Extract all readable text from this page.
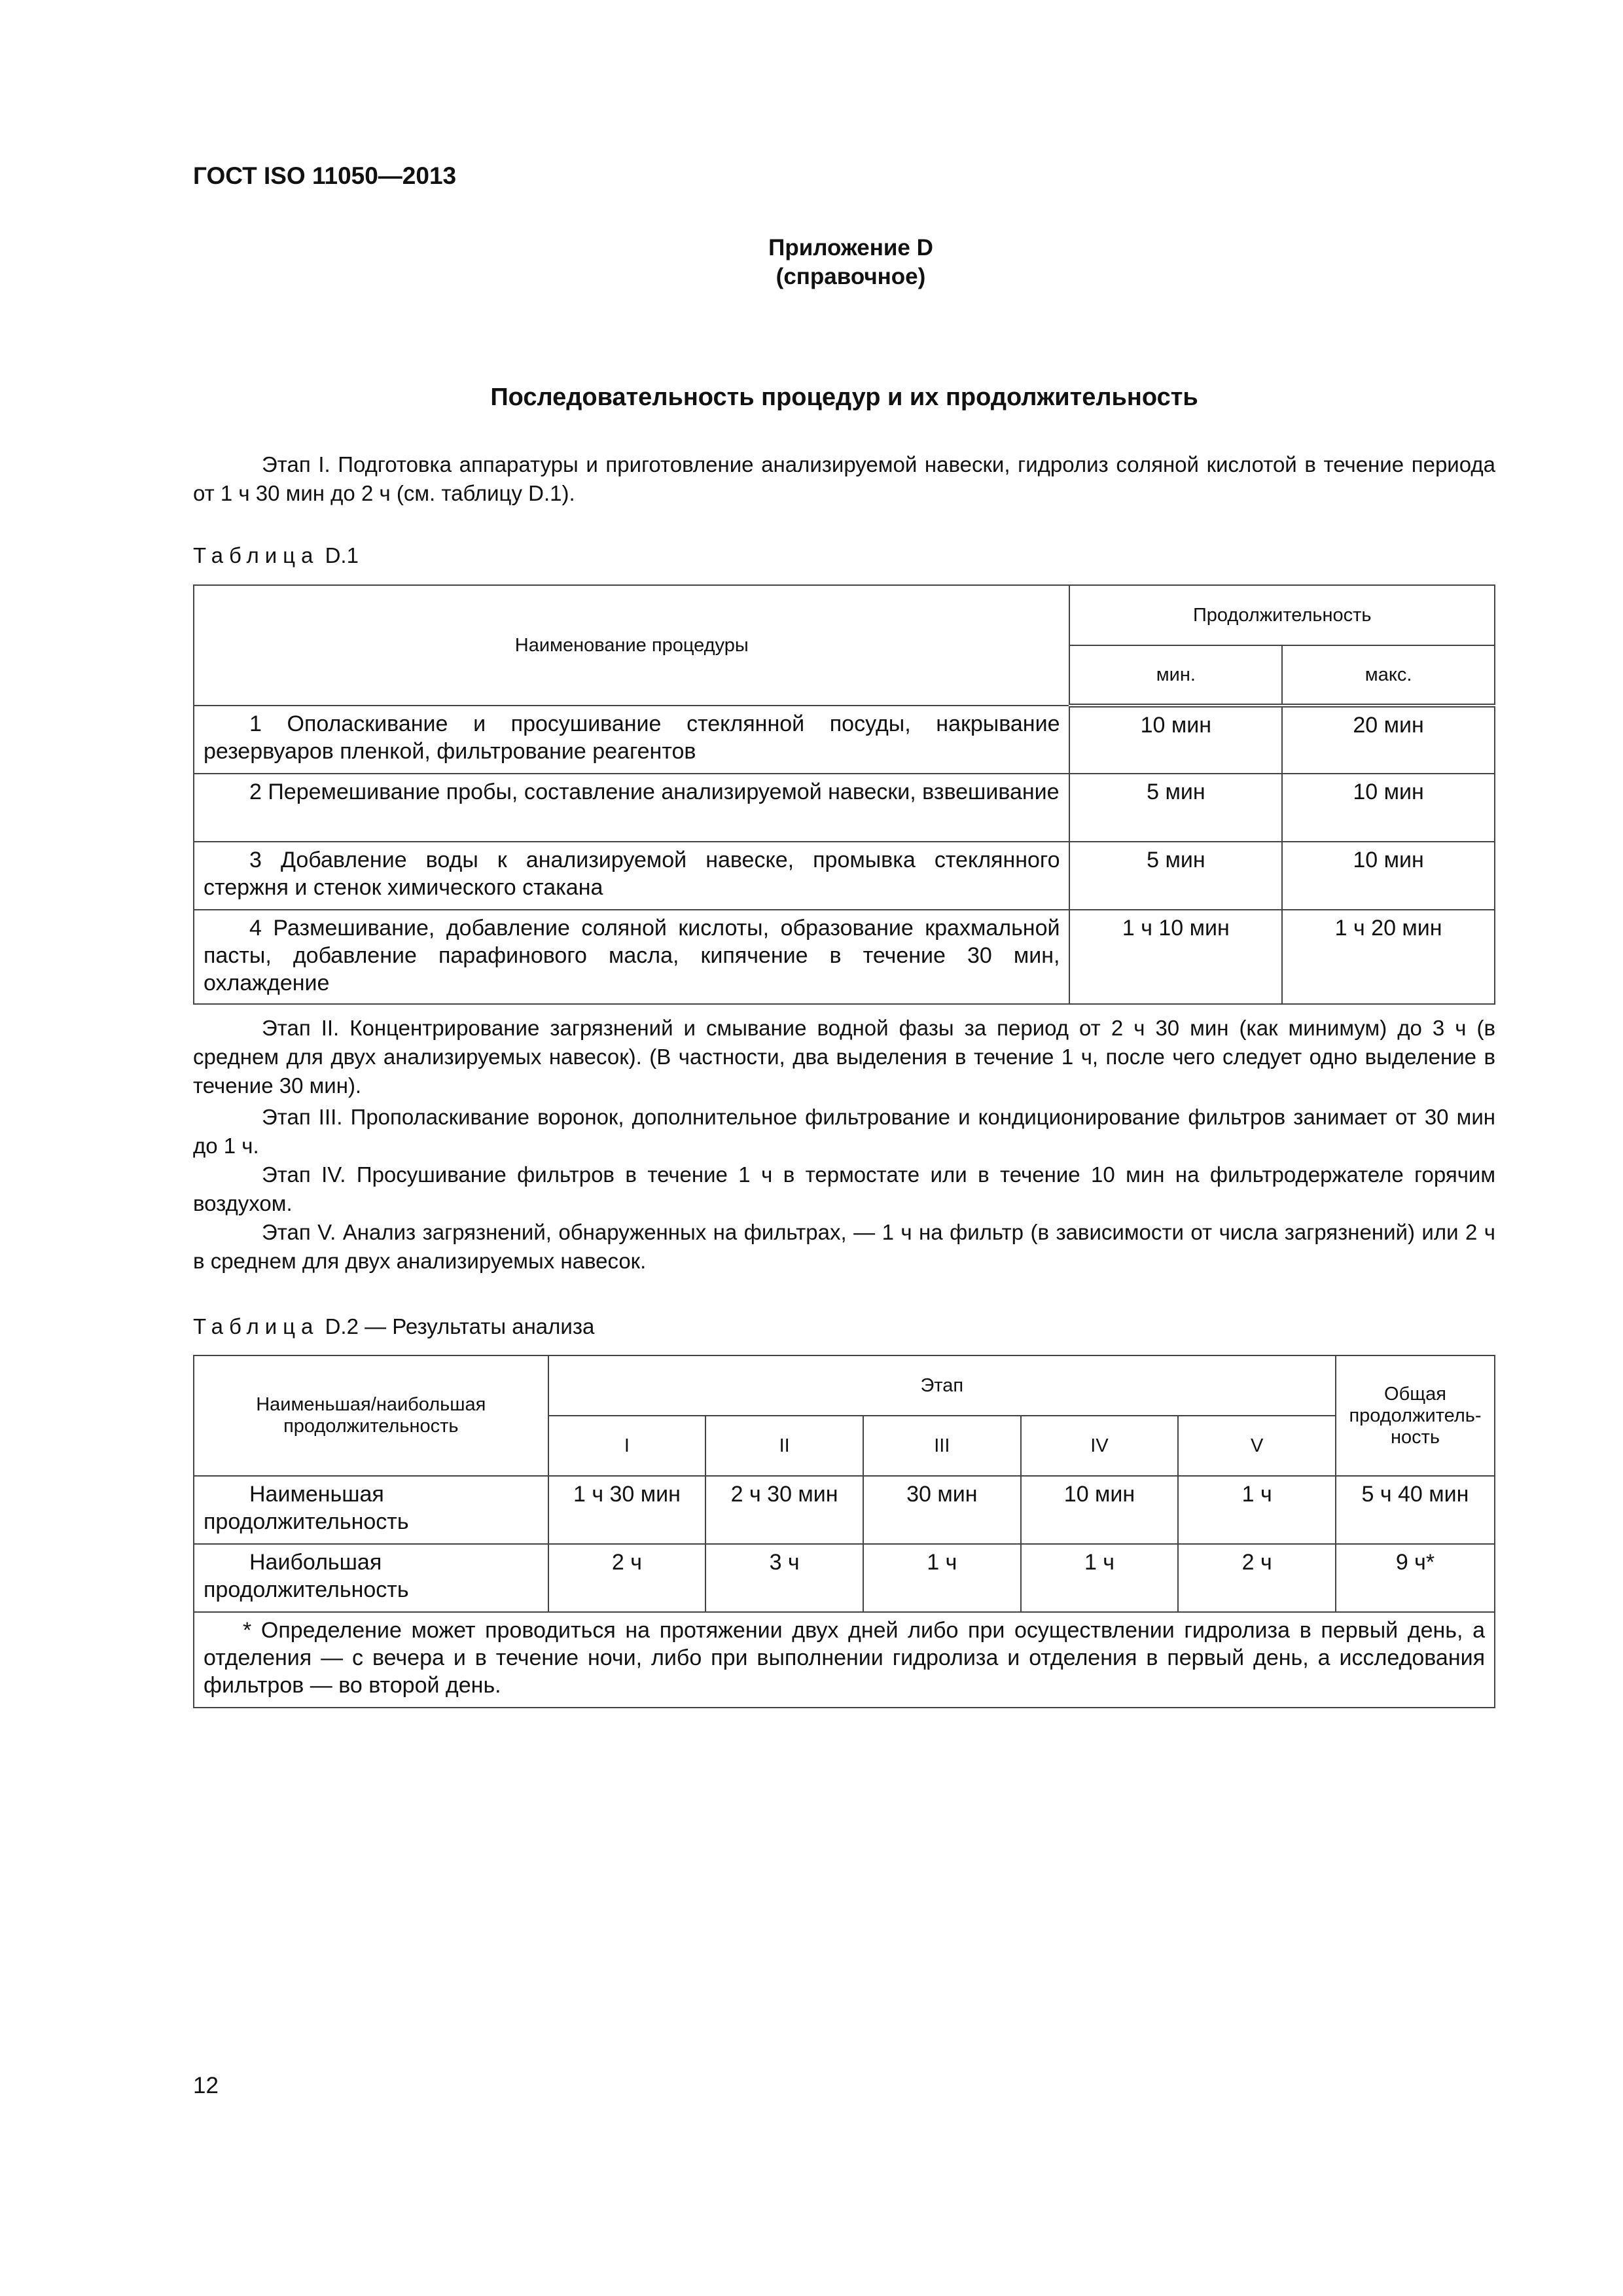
ГОСТ ISO 11050—2013
Приложение D
(справочное)
Последовательность процедур и их продолжительность

Этап I. Подготовка аппаратуры и приготовление анализируемой навески, гидролиз соляной кислотой в течение периода от 1 ч 30 мин до 2 ч (см. таблицу D.1).

Таблица D.1
Наименование процедуры	Продолжительность	
	мин.	макс.
1 Ополаскивание и просушивание стеклянной посуды, накрывание резервуаров пленкой, фильтрование реагентов	10 мин	20 мин
2 Перемешивание пробы, составление анализируемой навески, взвешивание	5 мин	10 мин
3 Добавление воды к анализируемой навеске, промывка стеклянного стержня и стенок химического стакана	5 мин	10 мин
4 Размешивание, добавление соляной кислоты, образование крахмальной пасты, добавление парафинового масла, кипячение в течение 30 мин, охлаждение	1 ч 10 мин	1 ч 20 мин

Этап II. Концентрирование загрязнений и смывание водной фазы за период от 2 ч 30 мин (как минимум) до 3 ч (в среднем для двух анализируемых навесок). (В частности, два выделения в течение 1 ч, после чего следует одно выделение в течение 30 мин).

Этап III. Прополаскивание воронок, дополнительное фильтрование и кондиционирование фильтров занимает от 30 мин до 1 ч.

Этап IV. Просушивание фильтров в течение 1 ч в термостате или в течение 10 мин на фильтродержателе горячим воздухом.

Этап V. Анализ загрязнений, обнаруженных на фильтрах, — 1 ч на фильтр (в зависимости от числа загрязнений) или 2 ч в среднем для двух анализируемых навесок.

Таблица D.2 — Результаты анализа
Наименьшая/наибольшая продолжительность	Этап					Общая продолжитель-ность
	I	II	III	IV	V	
Наименьшая продолжительность	1 ч 30 мин	2 ч 30 мин	30 мин	10 мин	1 ч	5 ч 40 мин
Наибольшая продолжительность	2 ч	3 ч	1 ч	1 ч	2 ч	9 ч*
* Определение может проводиться на протяжении двух дней либо при осуществлении гидролиза в первый день, а отделения — с вечера и в течение ночи, либо при выполнении гидролиза и отделения в первый день, а исследования фильтров — во второй день.						
12
